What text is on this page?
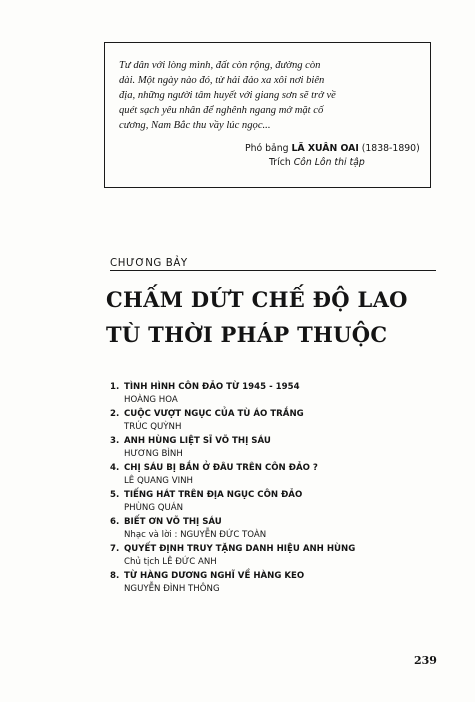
Tư dân với lòng mình, đất còn rộng, đường còn
dài. Một ngày nào đó, từ hải đảo xa xôi nơi biên
địa, những người tâm huyết với giang sơn sẽ trở về
quét sạch yêu nhân để nghênh ngang mở mặt cố
cương, Nam Bắc thu vầy lúc ngọc...
Phó bảng LÃ XUÂN OAI (1838-1890)
Trích Côn Lôn thi tập
CHƯƠNG BẢY
CHẤM DỨT CHẾ ĐỘ LAO
TÙ THỜI PHÁP THUỘC
1. TÌNH HÌNH CÔN ĐẢO TỪ 1945 - 1954
HOÀNG HOA
2. CUỘC VƯỢT NGỤC CỦA TÙ ÁO TRẮNG
TRÚC QUỲNH
3. ANH HÙNG LIỆT SĨ VÕ THỊ SÁU
HƯƠNG BÌNH
4. CHỊ SÁU BỊ BẮN Ở ĐÂU TRÊN CÔN ĐẢO ?
LÊ QUANG VINH
5. TIẾNG HÁT TRÊN ĐỊA NGỤC CÔN ĐẢO
PHÙNG QUÁN
6. BIẾT ƠN VÕ THỊ SÁU
Nhạc và lời : NGUYỄN ĐỨC TOÀN
7. QUYẾT ĐỊNH TRUY TẶNG DANH HIỆU ANH HÙNG
Chủ tịch LÊ ĐỨC ANH
8. TỪ HÀNG DƯƠNG NGHĨ VỀ HÀNG KEO
NGUYỄN ĐÌNH THÔNG
239
